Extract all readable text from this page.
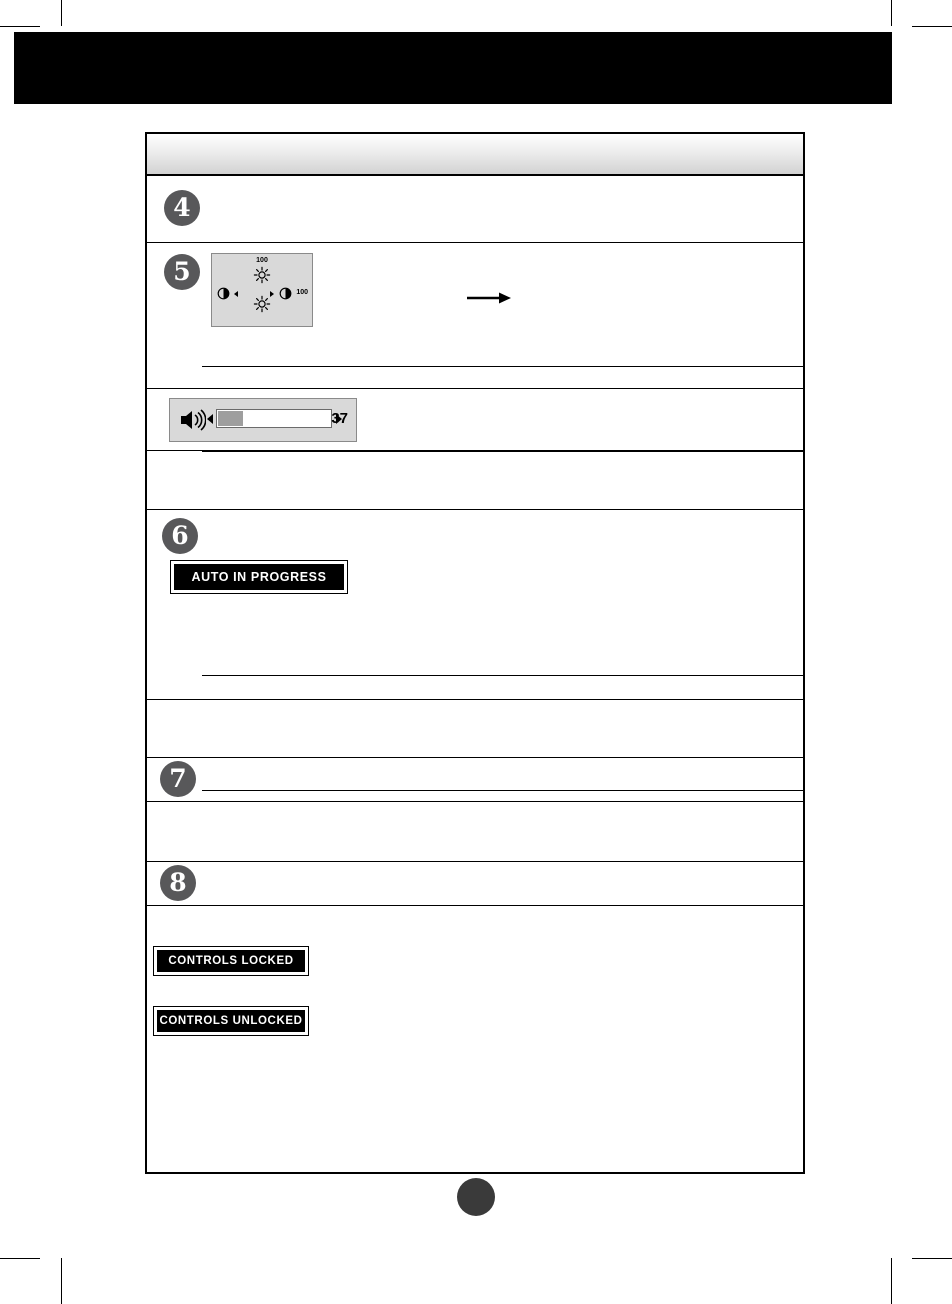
4
5	100
100
37
6
AUTO IN PROGRESS
7
8
CONTROLS LOCKED
CONTROLS UNLOCKED
